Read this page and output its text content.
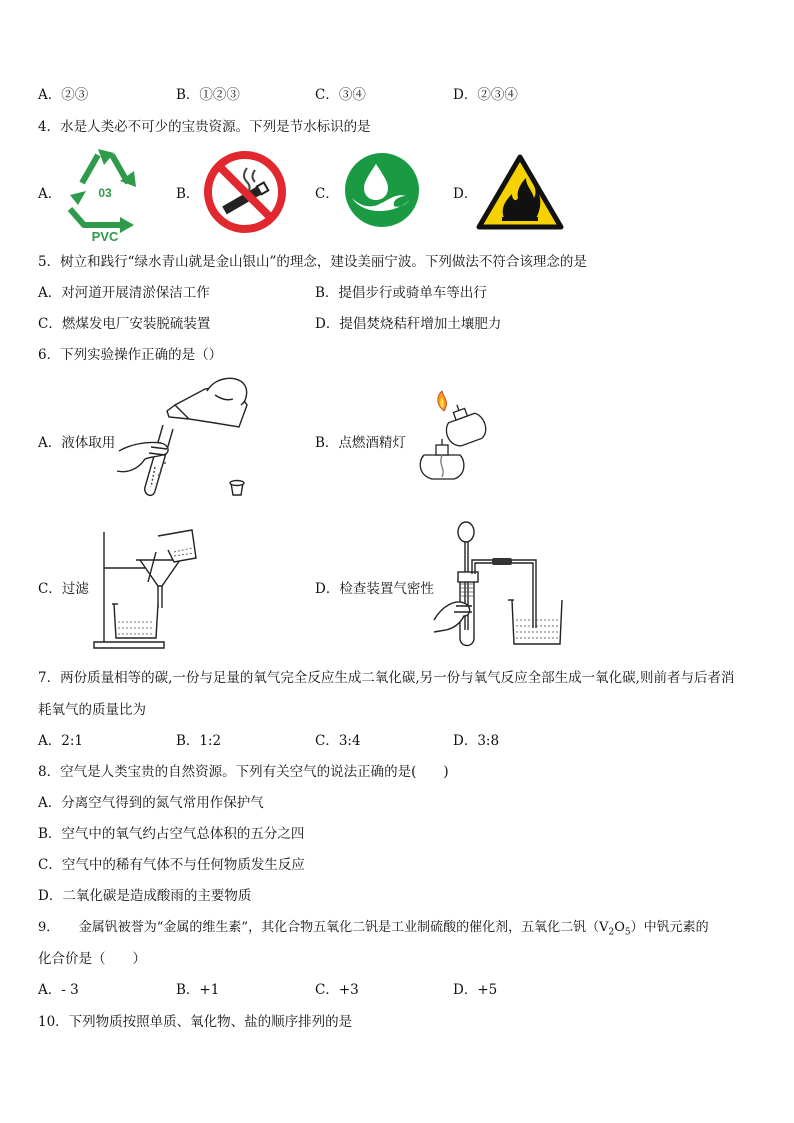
A．②③	B．①②③	C．③④	D．②③④
4．水是人类必不可少的宝贵资源。下列是节水标识的是
A．	03
PVC
B．	C．	D．
5．树立和践行“绿水青山就是金山银山”的理念，建设美丽宁波。下列做法不符合该理念的是
A．对河道开展清淤保洁工作	B．提倡步行或骑单车等出行
C．燃煤发电厂安装脱硫装置	D．提倡焚烧秸秆增加土壤肥力
6．下列实验操作正确的是（）
A．液体取用	B．点燃酒精灯
C．过滤	D．检查装置气密性
7．两份质量相等的碳,一份与足量的氧气完全反应生成二氧化碳,另一份与氧气反应全部生成一氧化碳,则前者与后者消
耗氧气的质量比为
A．2:1	B．1:2	C．3:4	D．3:8
8．空气是人类宝贵的自然资源。下列有关空气的说法正确的是(　　)
A．分离空气得到的氮气常用作保护气
B．空气中的氧气约占空气总体积的五分之四
C．空气中的稀有气体不与任何物质发生反应
D．二氧化碳是造成酸雨的主要物质
9．　　金属钒被誉为“金属的维生素”，其化合物五氧化二钒是工业制硫酸的催化剂，五氧化二钒$(V_2O_5)$中钒元素的
化合价是（　　）
A．- 3	B．+1	C．+3	D．+5
10．下列物质按照单质、氧化物、盐的顺序排列的是
